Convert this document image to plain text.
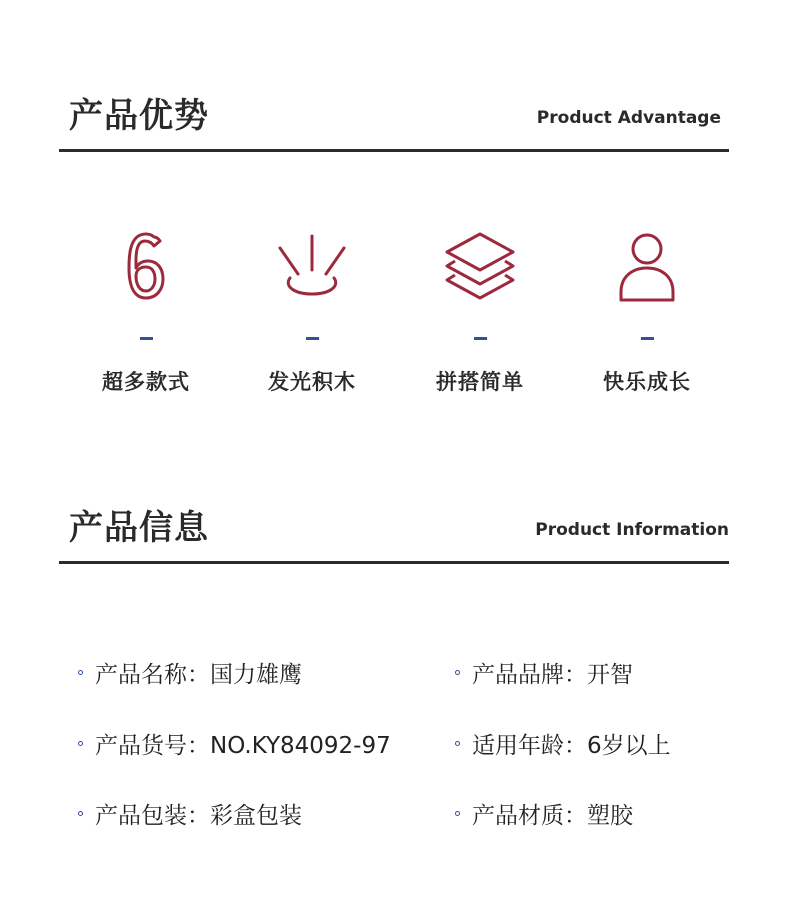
产品优势	Product Advantage
超多款式	发光积木	拼搭简单	快乐成长
产品信息	Product Information
产品名称：国力雄鹰	产品品牌：开智
产品货号：NO.KY84092-97	适用年龄：6岁以上
产品包装：彩盒包装	产品材质：塑胶
